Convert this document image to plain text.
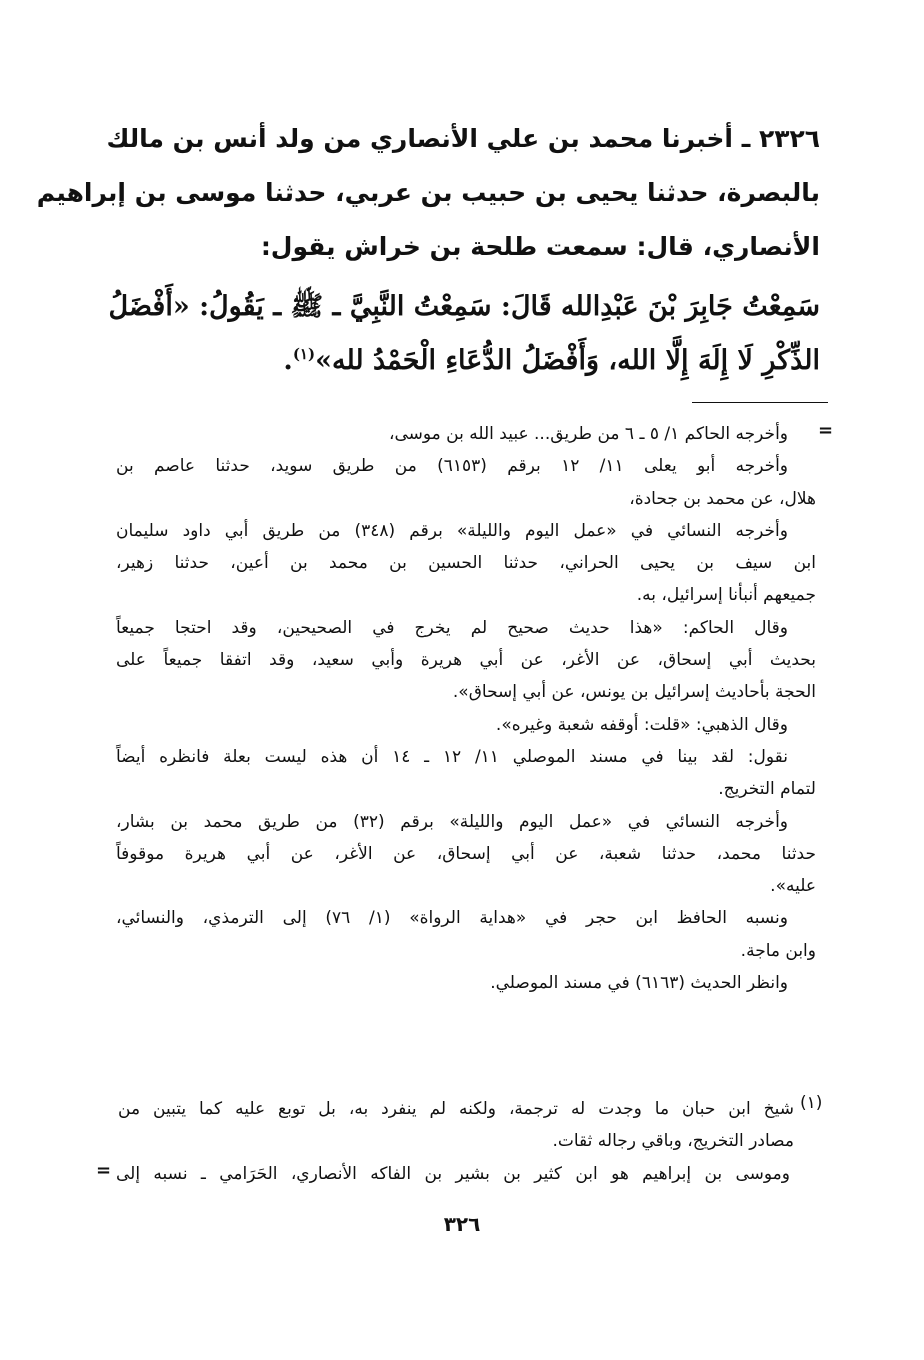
٢٣٢٦ ـ أخبرنا محمد بن علي الأنصاري من ولد أنس بن مالك
بالبصرة، حدثنا يحيى بن حبيب بن عربي، حدثنا موسى بن إبراهيم
الأنصاري، قال: سمعت طلحة بن خراش يقول:
سَمِعْتُ جَابِرَ بْنَ عَبْدِالله قَالَ: سَمِعْتُ النَّبِيَّ ـ ﷺ ـ يَقُولُ: «أَفْضَلُ
الذِّكْرِ لَا إِلَهَ إِلَّا الله، وَأَفْضَلُ الدُّعَاءِ الْحَمْدُ لله»$^{(١)}$.
=
وأخرجه الحاكم ١/ ٥ ـ ٦ من طريق... عبيد الله بن موسى،
وأخرجه أبو يعلى ١١/ ١٢ برقم (٦١٥٣) من طريق سويد، حدثنا عاصم بن
هلال، عن محمد بن جحادة،
وأخرجه النسائي في «عمل اليوم والليلة» برقم (٣٤٨) من طريق أبي داود سليمان
ابن سيف بن يحيى الحراني، حدثنا الحسين بن محمد بن أعين، حدثنا زهير،
جميعهم أنبأنا إسرائيل، به.
وقال الحاكم: «هذا حديث صحيح لم يخرج في الصحيحين، وقد احتجا جميعاً
بحديث أبي إسحاق، عن الأغر، عن أبي هريرة وأبي سعيد، وقد اتفقا جميعاً على
الحجة بأحاديث إسرائيل بن يونس، عن أبي إسحاق».
وقال الذهبي: «قلت: أوقفه شعبة وغيره».
نقول: لقد بينا في مسند الموصلي ١١/ ١٢ ـ ١٤ أن هذه ليست بعلة فانظره أيضاً
لتمام التخريج.
وأخرجه النسائي في «عمل اليوم والليلة» برقم (٣٢) من طريق محمد بن بشار،
حدثنا محمد، حدثنا شعبة، عن أبي إسحاق، عن الأغر، عن أبي هريرة موقوفاً
عليه».
ونسبه الحافظ ابن حجر في «هداية الرواة» (١/ ٧٦) إلى الترمذي، والنسائي،
وابن ماجة.
وانظر الحديث (٦١٦٣) في مسند الموصلي.
(١)
شيخ ابن حبان ما وجدت له ترجمة، ولكنه لم ينفرد به، بل توبع عليه كما يتبين من
مصادر التخريج، وباقي رجاله ثقات.
وموسى بن إبراهيم هو ابن كثير بن بشير بن الفاكه الأنصاري، الحَرَامي ـ نسبه إلى
=
٣٢٦
